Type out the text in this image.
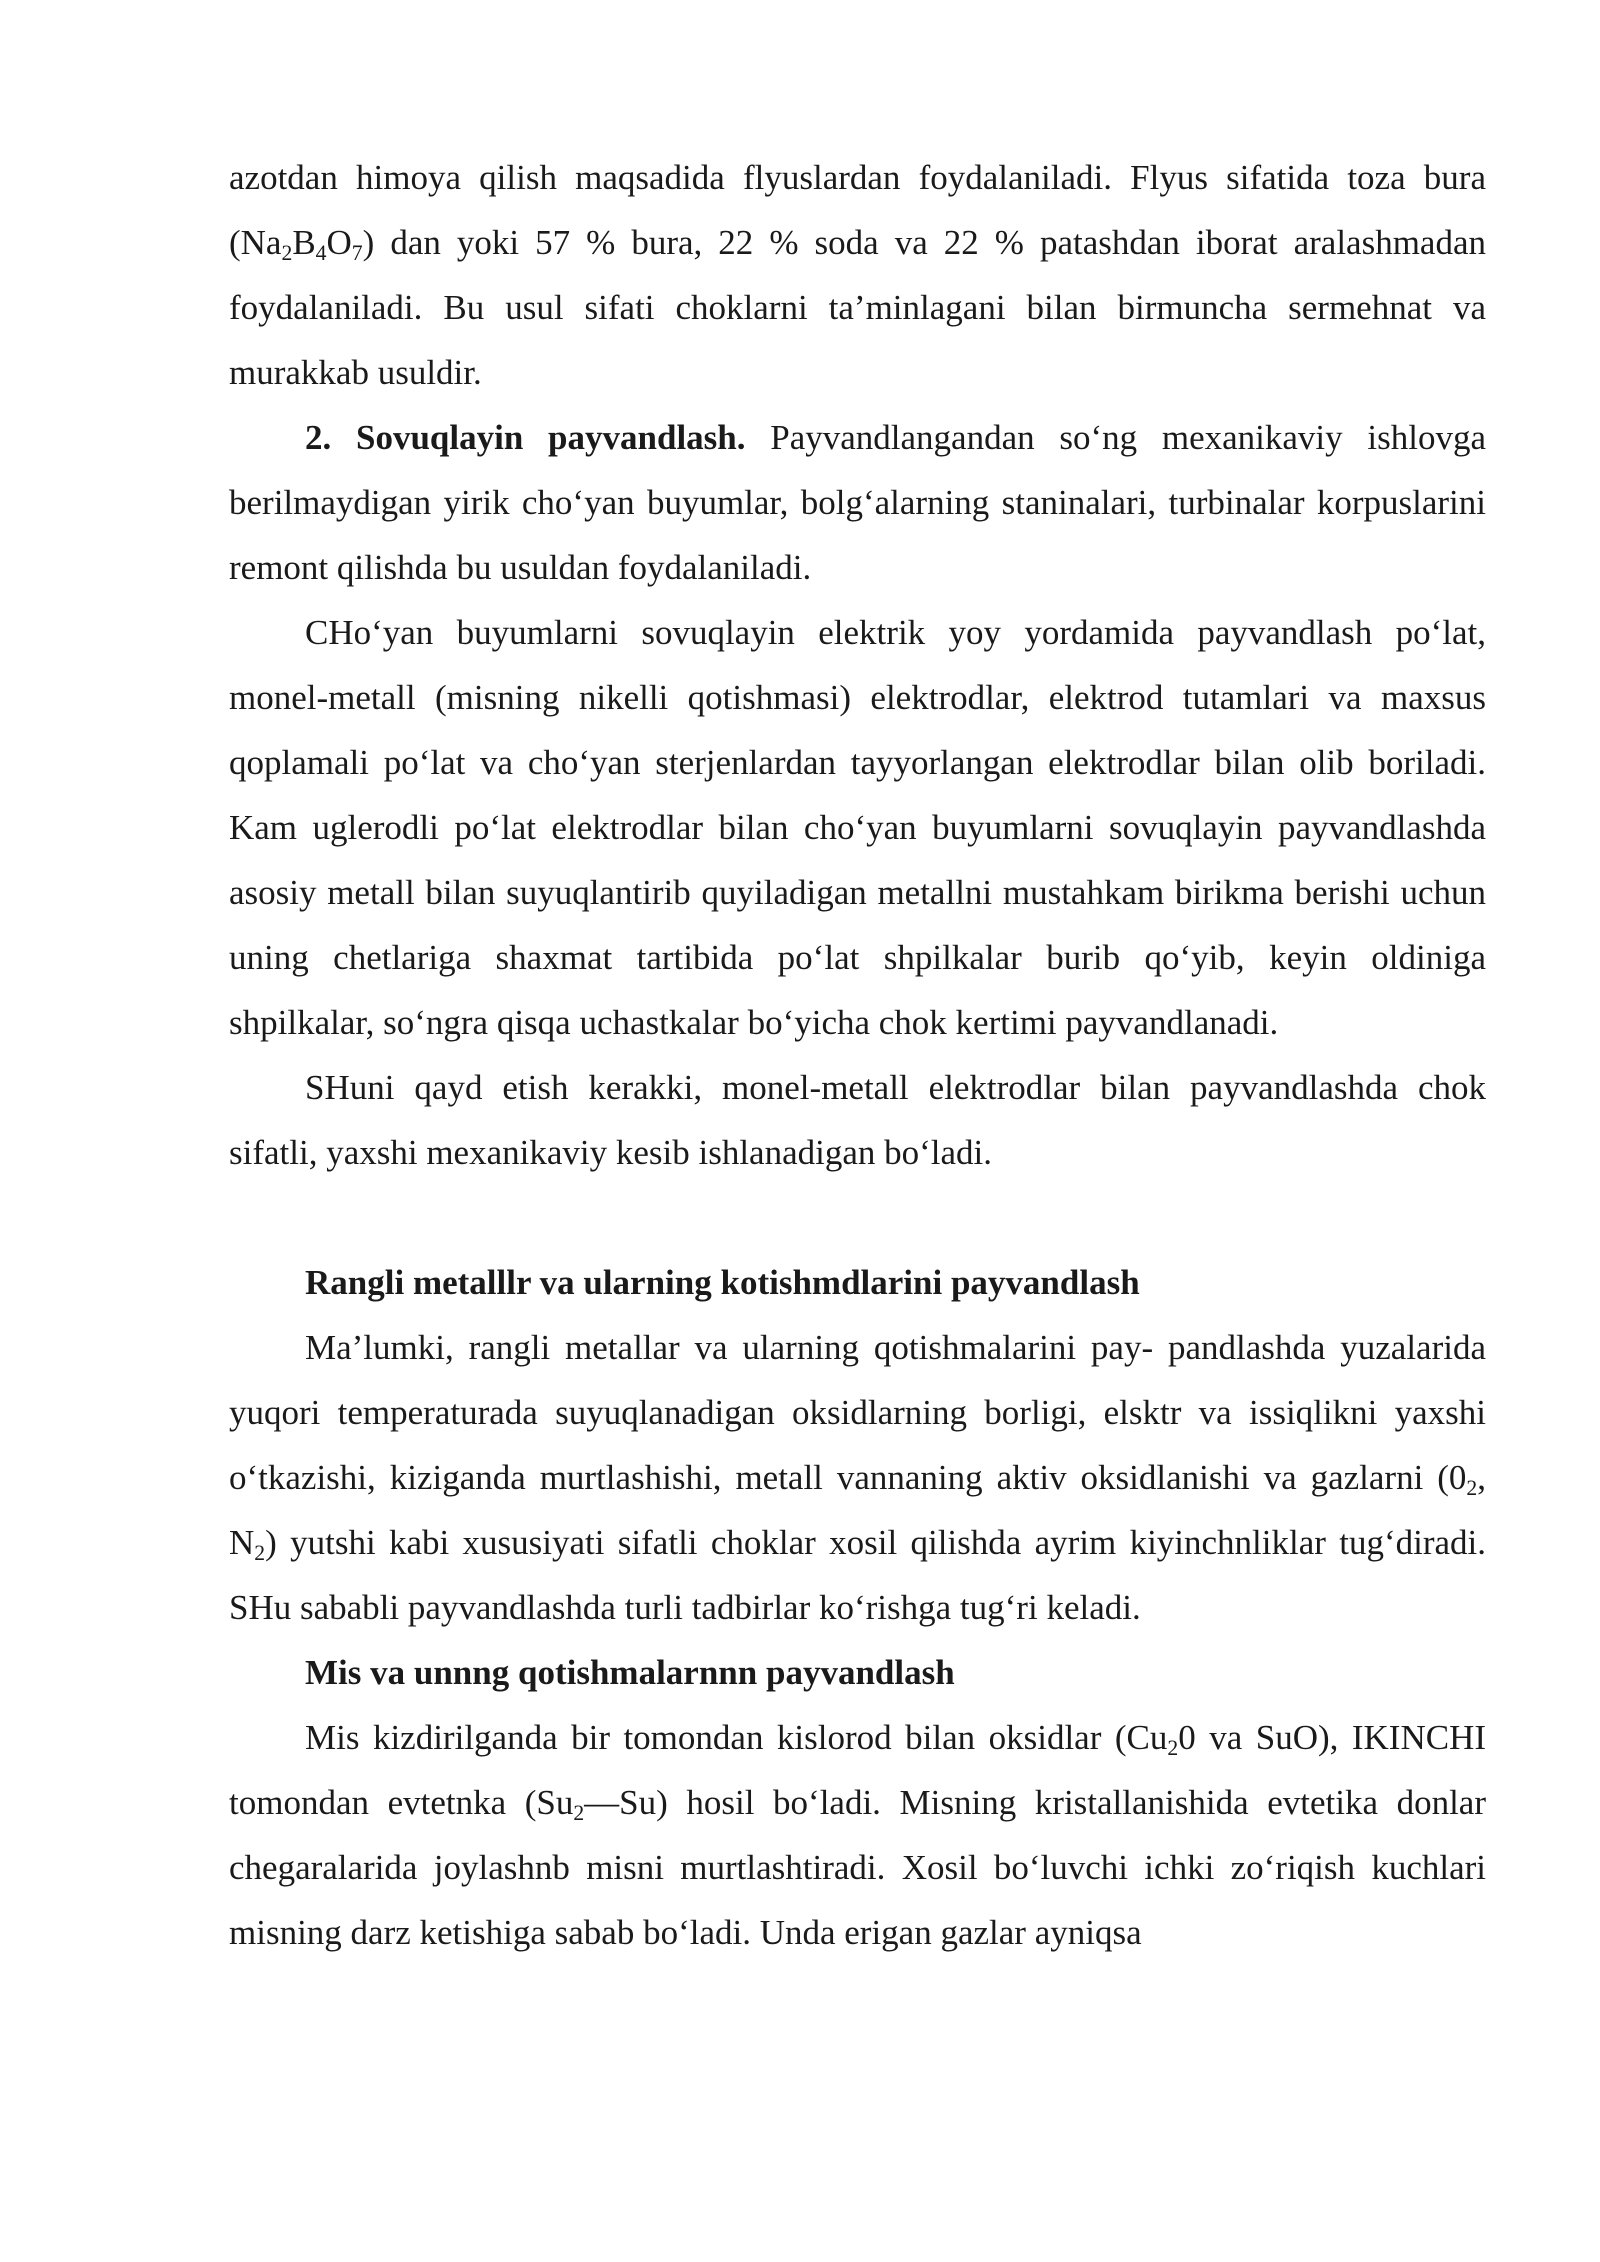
azotdan himoya qilish maqsadida flyuslardan foydalaniladi. Flyus sifatida toza bura $(Na_2B_4O_7)$ dan yoki 57 % bura, 22 % soda va 22 % patashdan iborat aralashmadan foydalaniladi. Bu usul sifati choklarni ta’minlagani bilan birmuncha sermehnat va murakkab usuldir.

2. Sovuqlayin payvandlash. Payvandlangandan so‘ng mexanikaviy ishlovga berilmaydigan yirik cho‘yan buyumlar, bolg‘alarning staninalari, turbinalar korpuslarini remont qilishda bu usuldan foydalaniladi.

CHo‘yan buyumlarni sovuqlayin elektrik yoy yordamida payvandlash po‘lat, monel-metall (misning nikelli qotishmasi) elektrodlar, elektrod tutamlari va maxsus qoplamali po‘lat va cho‘yan sterjenlardan tayyorlangan elektrodlar bilan olib boriladi. Kam uglerodli po‘lat elektrodlar bilan cho‘yan buyumlarni sovuqlayin payvandlashda asosiy metall bilan suyuqlantirib quyiladigan metallni mustahkam birikma berishi uchun uning chetlariga shaxmat tartibida po‘lat shpilkalar burib qo‘yib, keyin oldiniga shpilkalar, so‘ngra qisqa uchastkalar bo‘yicha chok kertimi payvandlanadi.

SHuni qayd etish kerakki, monel-metall elektrodlar bilan payvandlashda chok sifatli, yaxshi mexanikaviy kesib ishlanadigan bo‘ladi.

Rangli metalllr va ularning kotishmdlarini payvandlash

Ma’lumki, rangli metallar va ularning qotishmalarini pay- pandlashda yuzalarida yuqori temperaturada suyuqlanadigan oksidlarning borligi, elsktr va issiqlikni yaxshi o‘tkazishi, kiziganda murtlashishi, metall vannaning aktiv oksidlanishi va gazlarni ($0_2$, $N_2$) yutshi kabi xususiyati sifatli choklar xosil qilishda ayrim kiyinchnliklar tug‘diradi. SHu sababli payvandlashda turli tadbirlar ko‘rishga tug‘ri keladi.

Mis va unnng qotishmalarnnn payvandlash

Mis kizdirilganda bir tomondan kislorod bilan oksidlar ($Cu_20$ va SuO), IKINCHI tomondan evtetnka $(Su_2—Su)$ hosil bo‘ladi. Misning kristallanishida evtetika donlar chegaralarida joylashnb misni murtlashtiradi. Xosil bo‘luvchi ichki zo‘riqish kuchlari misning darz ketishiga sabab bo‘ladi. Unda erigan gazlar ayniqsa
